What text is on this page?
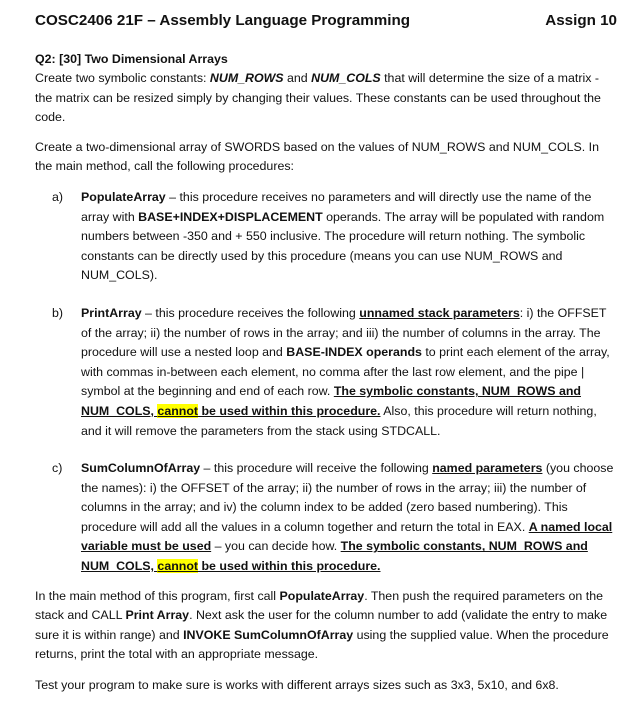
COSC2406 21F – Assembly Language Programming	Assign 10
Q2: [30] Two Dimensional Arrays

Create two symbolic constants: NUM_ROWS and NUM_COLS that will determine the size of a matrix - the matrix can be resized simply by changing their values. These constants can be used throughout the code.

Create a two-dimensional array of SWORDS based on the values of NUM_ROWS and NUM_COLS. In the main method, call the following procedures:

a)	PopulateArray – this procedure receives no parameters and will directly use the name of the array with BASE+INDEX+DISPLACEMENT operands. The array will be populated with random numbers between -350 and + 550 inclusive. The procedure will return nothing. The symbolic constants can be directly used by this procedure (means you can use NUM_ROWS and NUM_COLS).
b)	PrintArray – this procedure receives the following unnamed stack parameters: i) the OFFSET of the array; ii) the number of rows in the array; and iii) the number of columns in the array. The procedure will use a nested loop and BASE-INDEX operands to print each element of the array, with commas in-between each element, no comma after the last row element, and the pipe | symbol at the beginning and end of each row. The symbolic constants, NUM_ROWS and NUM_COLS, cannot be used within this procedure. Also, this procedure will return nothing, and it will remove the parameters from the stack using STDCALL.
c)	SumColumnOfArray – this procedure will receive the following named parameters (you choose the names): i) the OFFSET of the array; ii) the number of rows in the array; iii) the number of columns in the array; and iv) the column index to be added (zero based numbering). This procedure will add all the values in a column together and return the total in EAX. A named local variable must be used – you can decide how. The symbolic constants, NUM_ROWS and NUM_COLS, cannot be used within this procedure.

In the main method of this program, first call PopulateArray. Then push the required parameters on the stack and CALL Print Array. Next ask the user for the column number to add (validate the entry to make sure it is within range) and INVOKE SumColumnOfArray using the supplied value. When the procedure returns, print the total with an appropriate message.

Test your program to make sure is works with different arrays sizes such as 3x3, 5x10, and 6x8.
